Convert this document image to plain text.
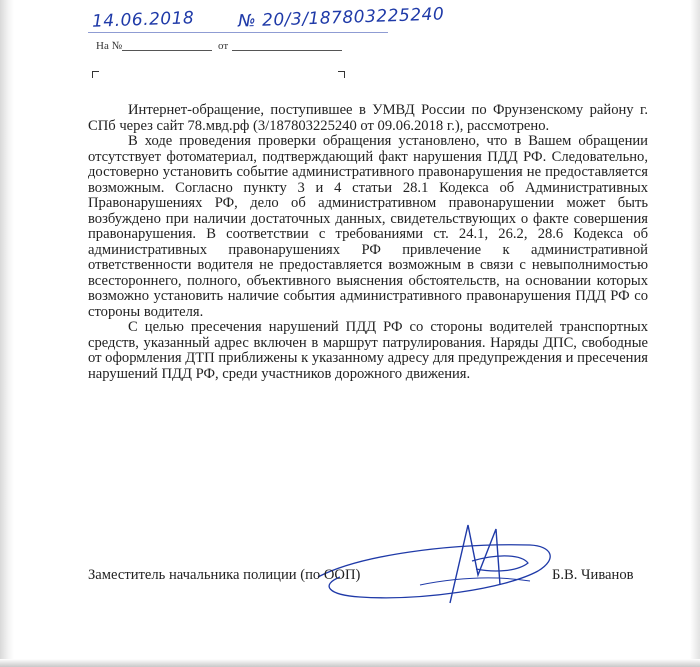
14.06.2018	№ 20/3/187803225240
На №	от

Интернет-обращение, поступившее в УМВД России по Фрунзенскому району г. СПб через сайт 78.мвд.рф (3/187803225240 от 09.06.2018 г.), рассмотрено.

В ходе проведения проверки обращения установлено, что в Вашем обращении отсутствует фотоматериал, подтверждающий факт нарушения ПДД РФ. Следовательно, достоверно установить событие административного правонарушения не предоставляется возможным. Согласно пункту 3 и 4 статьи 28.1 Кодекса об Административных Правонарушениях РФ, дело об административном правонарушении может быть возбуждено при наличии достаточных данных, свидетельствующих о факте совершения правонарушения. В соответствии с требованиями ст. 24.1, 26.2, 28.6 Кодекса об административных правонарушениях РФ привлечение к административной ответственности водителя не предоставляется возможным в связи с невыполнимостью всестороннего, полного, объективного выяснения обстоятельств, на основании которых возможно установить наличие события административного правонарушения ПДД РФ со стороны водителя.

С целью пресечения нарушений ПДД РФ со стороны водителей транспортных средств, указанный адрес включен в маршрут патрулирования. Наряды ДПС, свободные от оформления ДТП приближены к указанному адресу для предупреждения и пресечения нарушений ПДД РФ, среди участников дорожного движения.

Заместитель начальника полиции (по ООП)	Б.В. Чиванов
